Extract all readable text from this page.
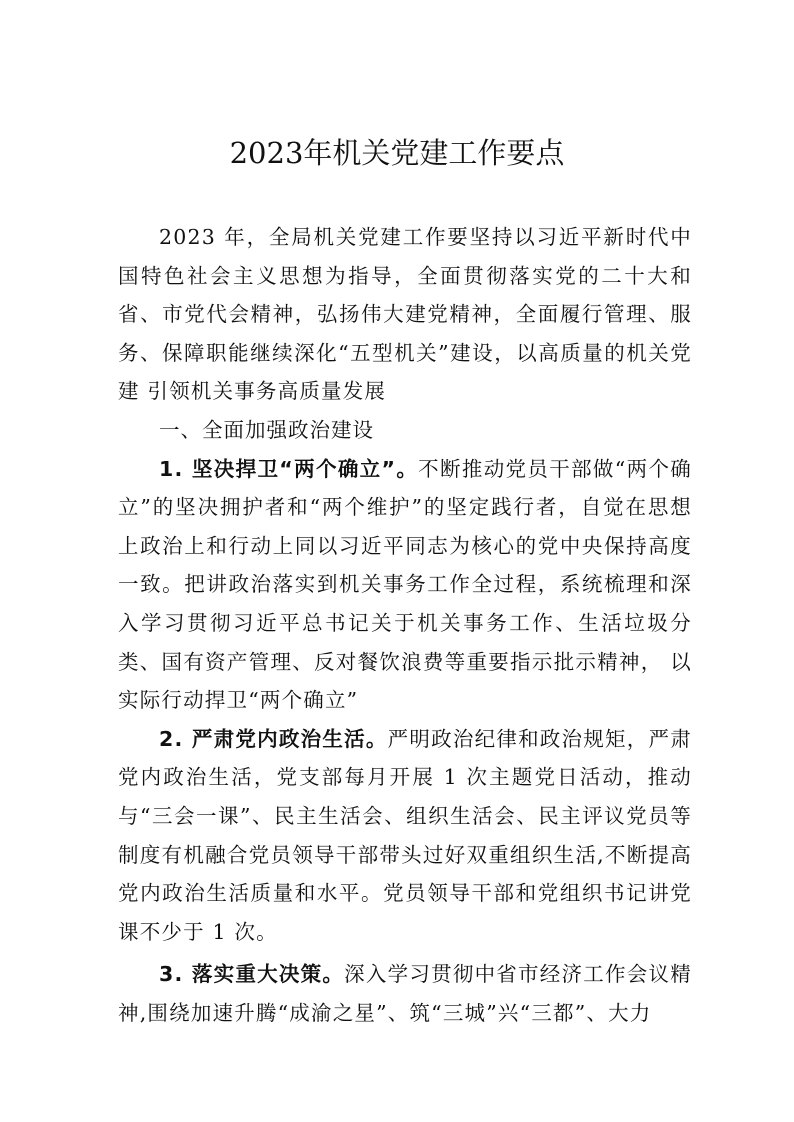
2023年机关党建工作要点

2023 年，全局机关党建工作要坚持以习近平新时代中国特色社会主义思想为指导，全面贯彻落实党的二十大和省、市党代会精神，弘扬伟大建党精神，全面履行管理、服务、保障职能继续深化“五型机关”建设，以高质量的机关党建 引领机关事务高质量发展

一、全面加强政治建设

1. 坚决捍卫“两个确立”。不断推动党员干部做“两个确立”的坚决拥护者和“两个维护”的坚定践行者，自觉在思想上政治上和行动上同以习近平同志为核心的党中央保持高度一致。把讲政治落实到机关事务工作全过程，系统梳理和深入学习贯彻习近平总书记关于机关事务工作、生活垃圾分类、国有资产管理、反对餐饮浪费等重要指示批示精神， 以实际行动捍卫“两个确立”

2. 严肃党内政治生活。严明政治纪律和政治规矩，严肃党内政治生活，党支部每月开展 1 次主题党日活动，推动与“三会一课”、民主生活会、组织生活会、民主评议党员等制度有机融合党员领导干部带头过好双重组织生活,不断提高党内政治生活质量和水平。党员领导干部和党组织书记讲党课不少于 1 次。

3. 落实重大决策。深入学习贯彻中省市经济工作会议精神,围绕加速升腾“成渝之星”、筑“三城”兴“三都”、大力
